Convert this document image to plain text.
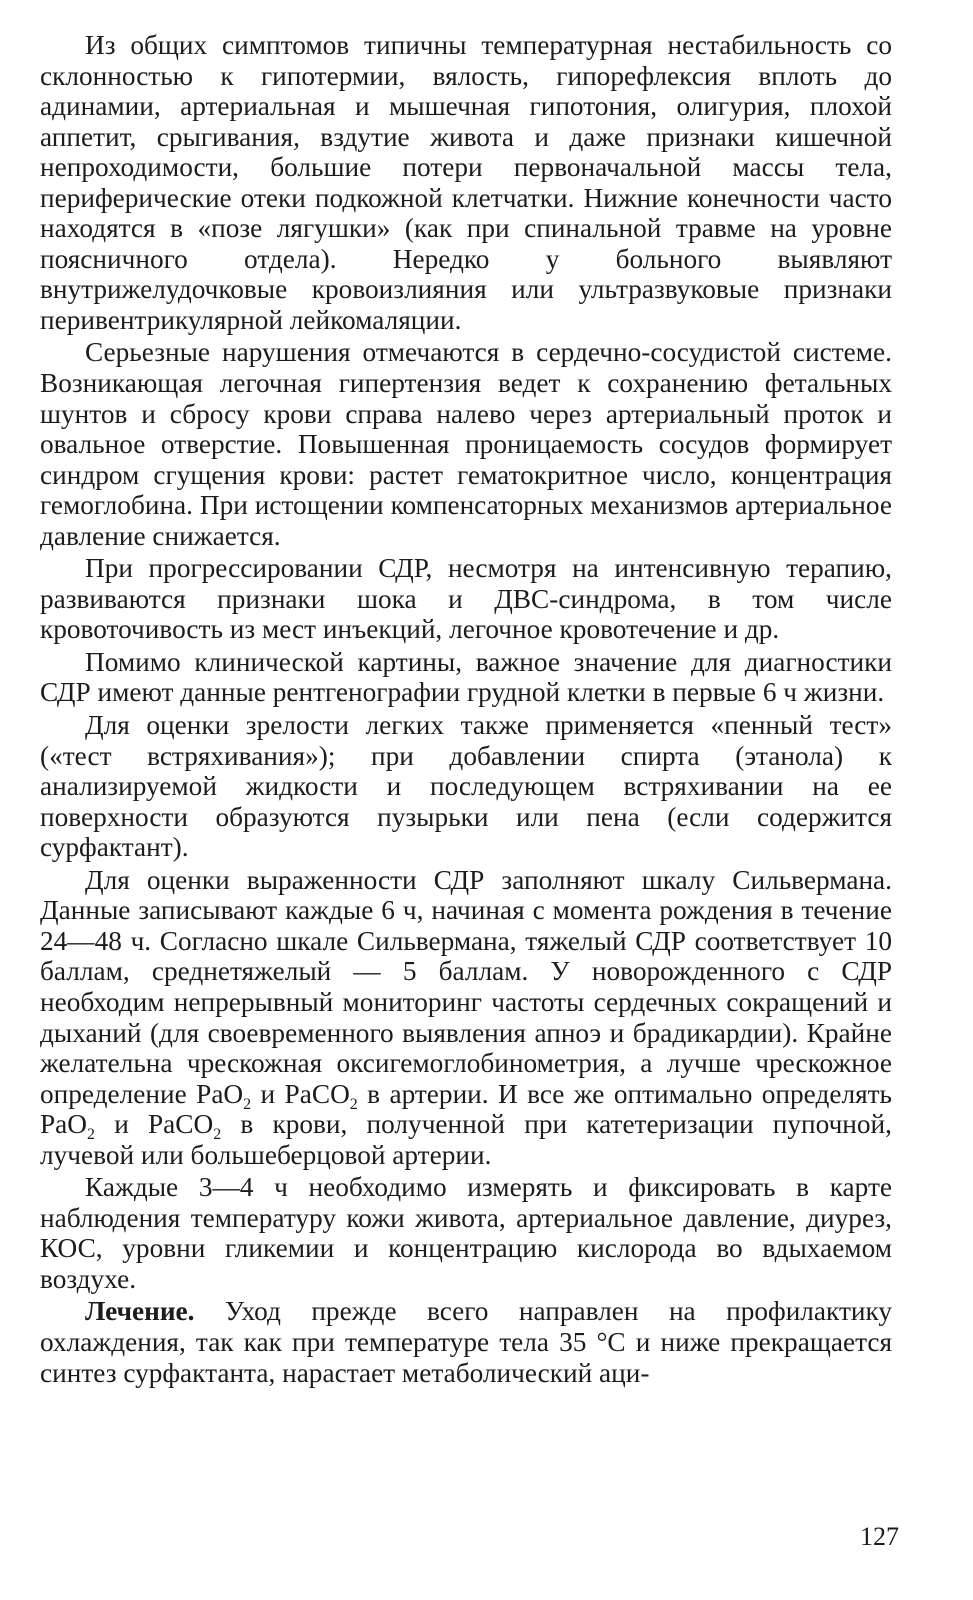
Из общих симптомов типичны температурная нестабильность со склонностью к гипотермии, вялость, гипорефлексия вплоть до адинамии, артериальная и мышечная гипотония, олигурия, плохой аппетит, срыгивания, вздутие живота и даже признаки кишечной непроходимости, большие потери первоначальной массы тела, периферические отеки подкожной клетчатки. Нижние конечности часто находятся в «позе лягушки» (как при спинальной травме на уровне поясничного отдела). Нередко у больного выявляют внутрижелудочковые кровоизлияния или ультразвуковые признаки перивентрикулярной лейкомаляции.

Серьезные нарушения отмечаются в сердечно-сосудистой системе. Возникающая легочная гипертензия ведет к сохранению фетальных шунтов и сбросу крови справа налево через артериальный проток и овальное отверстие. Повышенная проницаемость сосудов формирует синдром сгущения крови: растет гематокритное число, концентрация гемоглобина. При истощении компенсаторных механизмов артериальное давление снижается.

При прогрессировании СДР, несмотря на интенсивную терапию, развиваются признаки шока и ДВС-синдрома, в том числе кровоточивость из мест инъекций, легочное кровотечение и др.

Помимо клинической картины, важное значение для диагностики СДР имеют данные рентгенографии грудной клетки в первые 6 ч жизни.

Для оценки зрелости легких также применяется «пенный тест» («тест встряхивания»); при добавлении спирта (этанола) к анализируемой жидкости и последующем встряхивании на ее поверхности образуются пузырьки или пена (если содержится сурфактант).

Для оценки выраженности СДР заполняют шкалу Сильвермана. Данные записывают каждые 6 ч, начиная с момента рождения в течение 24—48 ч. Согласно шкале Сильвермана, тяжелый СДР соответствует 10 баллам, среднетяжелый — 5 баллам. У новорожденного с СДР необходим непрерывный мониторинг частоты сердечных сокращений и дыханий (для своевременного выявления апноэ и брадикардии). Крайне желательна чрескожная оксигемоглобинометрия, а лучше чрескожное определение PaO$_2$ и PaCO$_2$ в артерии. И все же оптимально определять PaO$_2$ и PaCO$_2$ в крови, полученной при катетеризации пупочной, лучевой или большеберцовой артерии.

Каждые 3—4 ч необходимо измерять и фиксировать в карте наблюдения температуру кожи живота, артериальное давление, диурез, КОС, уровни гликемии и концентрацию кислорода во вдыхаемом воздухе.

Лечение. Уход прежде всего направлен на профилактику охлаждения, так как при температуре тела 35 °C и ниже прекращается синтез сурфактанта, нарастает метаболический аци-

127
